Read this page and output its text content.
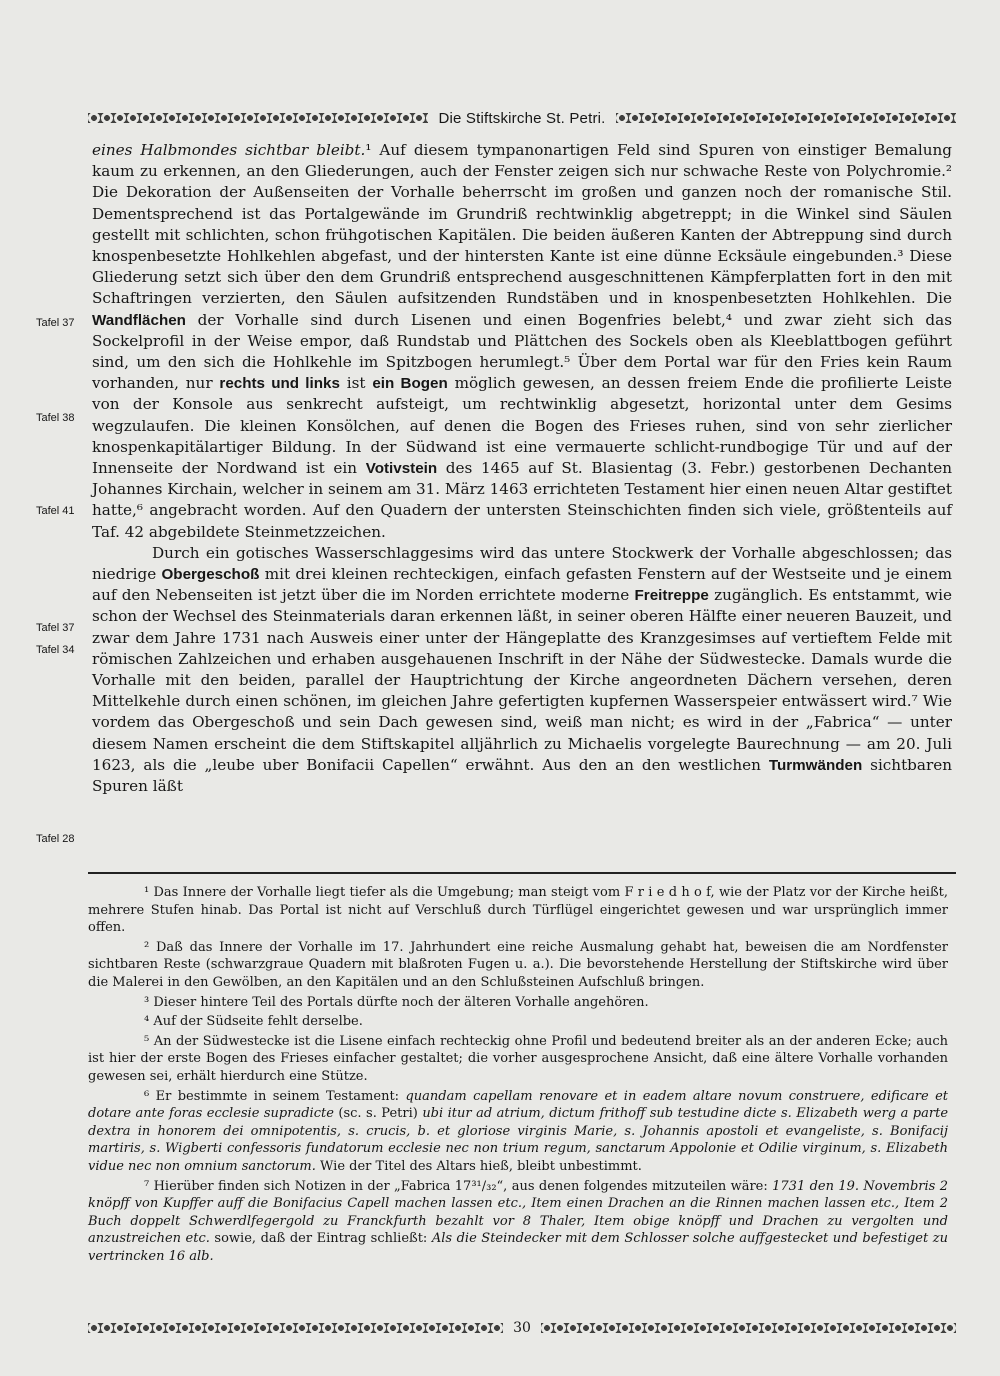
Die Stiftskirche St. Petri.
Tafel 37
Tafel 38
Tafel 41
Tafel 37
Tafel 34
Tafel 28

eines Halbmondes sichtbar bleibt.¹ Auf diesem tympanonartigen Feld sind Spuren von einstiger Bemalung kaum zu erkennen, an den Gliederungen, auch der Fenster zeigen sich nur schwache Reste von Polychromie.² Die Dekoration der Außenseiten der Vorhalle beherrscht im großen und ganzen noch der romanische Stil. Dementsprechend ist das Portalgewände im Grundriß rechtwinklig abgetreppt; in die Winkel sind Säulen gestellt mit schlichten, schon frühgotischen Kapitälen. Die beiden äußeren Kanten der Abtreppung sind durch knospenbesetzte Hohlkehlen abgefast, und der hintersten Kante ist eine dünne Ecksäule eingebunden.³ Diese Gliederung setzt sich über den dem Grundriß entsprechend ausgeschnittenen Kämpferplatten fort in den mit Schaftringen verzierten, den Säulen aufsitzenden Rundstäben und in knospenbesetzten Hohlkehlen. Die Wandflächen der Vorhalle sind durch Lisenen und einen Bogenfries belebt,⁴ und zwar zieht sich das Sockelprofil in der Weise empor, daß Rundstab und Plättchen des Sockels oben als Kleeblattbogen geführt sind, um den sich die Hohlkehle im Spitzbogen herumlegt.⁵ Über dem Portal war für den Fries kein Raum vorhanden, nur rechts und links ist ein Bogen möglich gewesen, an dessen freiem Ende die profilierte Leiste von der Konsole aus senkrecht aufsteigt, um rechtwinklig abgesetzt, horizontal unter dem Gesims wegzulaufen. Die kleinen Konsölchen, auf denen die Bogen des Frieses ruhen, sind von sehr zierlicher knospenkapitälartiger Bildung. In der Südwand ist eine vermauerte schlicht-rundbogige Tür und auf der Innenseite der Nordwand ist ein Votivstein des 1465 auf St. Blasientag (3. Febr.) gestorbenen Dechanten Johannes Kirchain, welcher in seinem am 31. März 1463 errichteten Testament hier einen neuen Altar gestiftet hatte,⁶ angebracht worden. Auf den Quadern der untersten Steinschichten finden sich viele, größtenteils auf Taf. 42 abgebildete Steinmetzzeichen.

Durch ein gotisches Wasserschlaggesims wird das untere Stockwerk der Vorhalle abgeschlossen; das niedrige Obergeschoß mit drei kleinen rechteckigen, einfach gefasten Fenstern auf der Westseite und je einem auf den Nebenseiten ist jetzt über die im Norden errichtete moderne Freitreppe zugänglich. Es entstammt, wie schon der Wechsel des Steinmaterials daran erkennen läßt, in seiner oberen Hälfte einer neueren Bauzeit, und zwar dem Jahre 1731 nach Ausweis einer unter der Hängeplatte des Kranzgesimses auf vertieftem Felde mit römischen Zahlzeichen und erhaben ausgehauenen Inschrift in der Nähe der Südwestecke. Damals wurde die Vorhalle mit den beiden, parallel der Hauptrichtung der Kirche angeordneten Dächern versehen, deren Mittelkehle durch einen schönen, im gleichen Jahre gefertigten kupfernen Wasserspeier entwässert wird.⁷ Wie vordem das Obergeschoß und sein Dach gewesen sind, weiß man nicht; es wird in der „Fabrica“ — unter diesem Namen erscheint die dem Stiftskapitel alljährlich zu Michaelis vorgelegte Baurechnung — am 20. Juli 1623, als die „leube uber Bonifacii Capellen“ erwähnt. Aus den an den westlichen Turmwänden sichtbaren Spuren läßt

¹ Das Innere der Vorhalle liegt tiefer als die Umgebung; man steigt vom F r i e d h o f, wie der Platz vor der Kirche heißt, mehrere Stufen hinab. Das Portal ist nicht auf Verschluß durch Türflügel eingerichtet gewesen und war ursprünglich immer offen.

² Daß das Innere der Vorhalle im 17. Jahrhundert eine reiche Ausmalung gehabt hat, beweisen die am Nordfenster sichtbaren Reste (schwarzgraue Quadern mit blaßroten Fugen u. a.). Die bevorstehende Herstellung der Stiftskirche wird über die Malerei in den Gewölben, an den Kapitälen und an den Schlußsteinen Aufschluß bringen.

³ Dieser hintere Teil des Portals dürfte noch der älteren Vorhalle angehören.

⁴ Auf der Südseite fehlt derselbe.

⁵ An der Südwestecke ist die Lisene einfach rechteckig ohne Profil und bedeutend breiter als an der anderen Ecke; auch ist hier der erste Bogen des Frieses einfacher gestaltet; die vorher ausgesprochene Ansicht, daß eine ältere Vorhalle vorhanden gewesen sei, erhält hierdurch eine Stütze.

⁶ Er bestimmte in seinem Testament: quandam capellam renovare et in eadem altare novum construere, edificare et dotare ante foras ecclesie supradicte (sc. s. Petri) ubi itur ad atrium, dictum frithoff sub testudine dicte s. Elizabeth werg a parte dextra in honorem dei omnipotentis, s. crucis, b. et gloriose virginis Marie, s. Johannis apostoli et evangeliste, s. Bonifacij martiris, s. Wigberti confessoris fundatorum ecclesie nec non trium regum, sanctarum Appolonie et Odilie virginum, s. Elizabeth vidue nec non omnium sanctorum. Wie der Titel des Altars hieß, bleibt unbestimmt.

⁷ Hierüber finden sich Notizen in der „Fabrica 17³¹/₃₂“, aus denen folgendes mitzuteilen wäre: 1731 den 19. Novembris 2 knöpff von Kupffer auff die Bonifacius Capell machen lassen etc., Item einen Drachen an die Rinnen machen lassen etc., Item 2 Buch doppelt Schwerdlfegergold zu Franckfurth bezahlt vor 8 Thaler, Item obige knöpff und Drachen zu vergolten und anzustreichen etc. sowie, daß der Eintrag schließt: Als die Steindecker mit dem Schlosser solche auffgestecket und befestiget zu vertrincken 16 alb.

30
